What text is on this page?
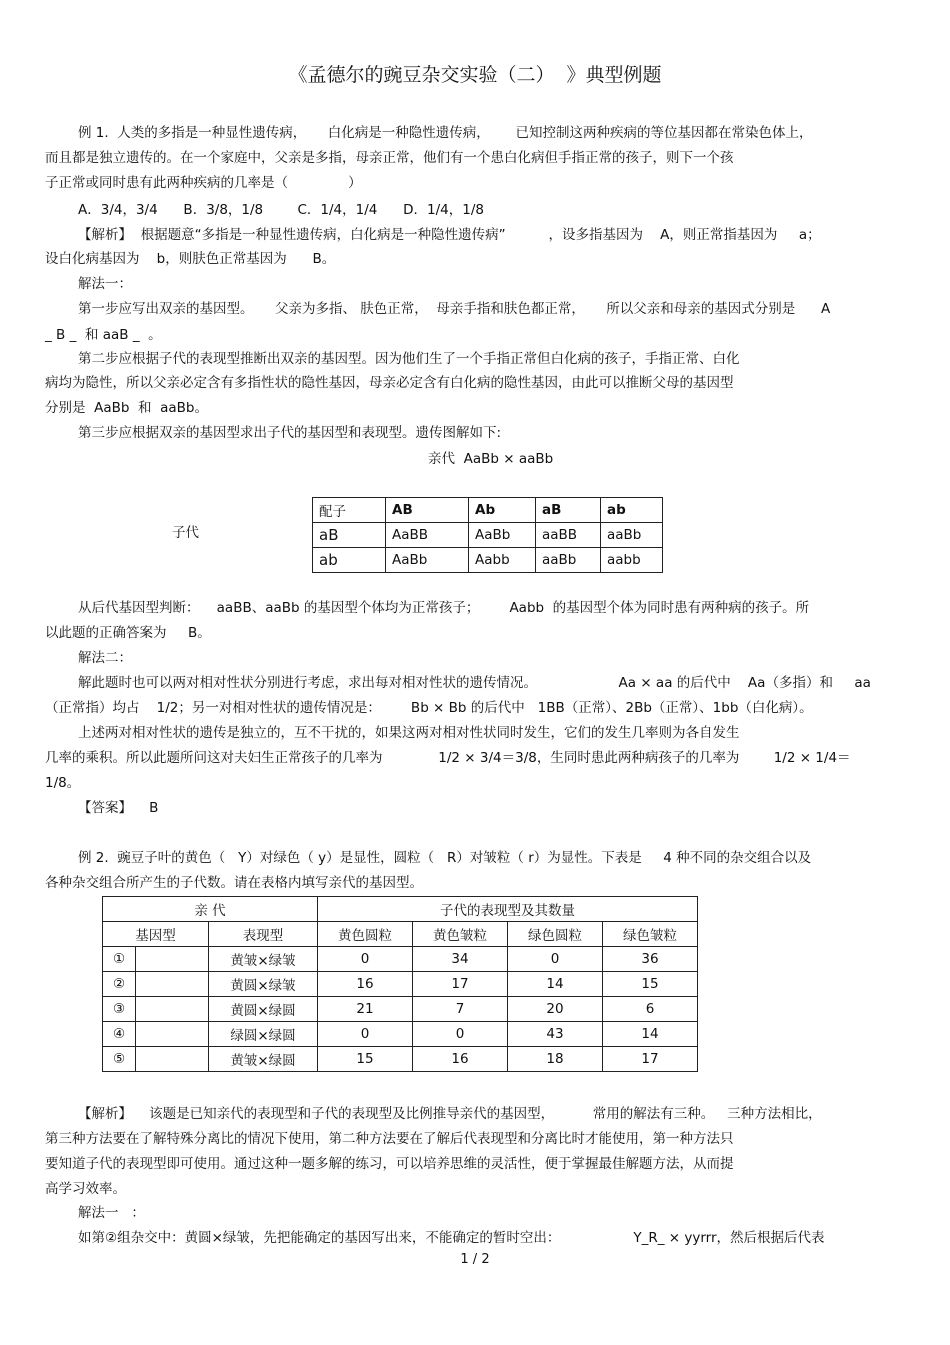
《孟德尔的豌豆杂交实验（二）  》典型例题
例 1.  人类的多指是一种显性遗传病，     白化病是一种隐性遗传病，      已知控制这两种疾病的等位基因都在常染色体上，
而且都是独立遗传的。在一个家庭中，父亲是多指，母亲正常，他们有一个患白化病但手指正常的孩子，则下一个孩
子正常或同时患有此两种疾病的几率是（              ）
A．3/4，3/4      B．3/8，1/8        C．1/4，1/4      D．1/4，1/8
【解析】  根据题意“多指是一种显性遗传病，白化病是一种隐性遗传病”          ，设多指基因为    A，则正常指基因为     a；
设白化病基因为    b，则肤色正常基因为      B。
解法一：
第一步应写出双亲的基因型。     父亲为多指、 肤色正常，  母亲手指和肤色都正常，     所以父亲和母亲的基因式分别是      A
_ B _  和 aaB _  。
第二步应根据子代的表现型推断出双亲的基因型。因为他们生了一个手指正常但白化病的孩子，手指正常、白化
病均为隐性，所以父亲必定含有多指性状的隐性基因，母亲必定含有白化病的隐性基因，由此可以推断父母的基因型
分别是  AaBb  和  aaBb。
第三步应根据双亲的基因型求出子代的基因型和表现型。遗传图解如下:
亲代  AaBb × aaBb
子代
配子	AB	Ab	aB	ab
aB	AaBB	AaBb	aaBB	aaBb
ab	AaBb	Aabb	aaBb	aabb
从后代基因型判断：    aaBB、aaBb 的基因型个体均为正常孩子；       Aabb  的基因型个体为同时患有两种病的孩子。所
以此题的正确答案为     B。
解法二：
解此题时也可以两对相对性状分别进行考虑，求出每对相对性状的遗传情况。                   Aa × aa 的后代中    Aa（多指）和     aa
（正常指）均占    1/2；另一对相对性状的遗传情况是：       Bb × Bb 的后代中   1BB（正常）、2Bb（正常）、1bb（白化病）。
上述两对相对性状的遗传是独立的，互不干扰的，如果这两对相对性状同时发生，它们的发生几率则为各自发生
几率的乘积。所以此题所问这对夫妇生正常孩子的几率为             1/2 × 3/4＝3/8，生同时患此两种病孩子的几率为        1/2 × 1/4＝
1/8。
【答案】    B
例 2.  豌豆子叶的黄色（   Y）对绿色（ y）是显性，圆粒（   R）对皱粒（ r）为显性。下表是     4 种不同的杂交组合以及
各种杂交组合所产生的子代数。请在表格内填写亲代的基因型。
亲 代			子代的表现型及其数量			
基因型		表现型	黄色圆粒	黄色皱粒	绿色圆粒	绿色皱粒
①		黄皱×绿皱	0	34	0	36
②		黄圆×绿皱	16	17	14	15
③		黄圆×绿圆	21	7	20	6
④		绿圆×绿圆	0	0	43	14
⑤		黄皱×绿圆	15	16	18	17
【解析】    该题是已知亲代的表现型和子代的表现型及比例推导亲代的基因型，         常用的解法有三种。   三种方法相比，
第三种方法要在了解特殊分离比的情况下使用，第二种方法要在了解后代表现型和分离比时才能使用，第一种方法只
要知道子代的表现型即可使用。通过这种一题多解的练习，可以培养思维的灵活性，便于掌握最佳解题方法，从而提
高学习效率。
解法一   ：
如第②组杂交中：黄圆×绿皱，先把能确定的基因写出来，不能确定的暂时空出：                 Y_R_ × yyrrr，然后根据后代表
1 / 2
